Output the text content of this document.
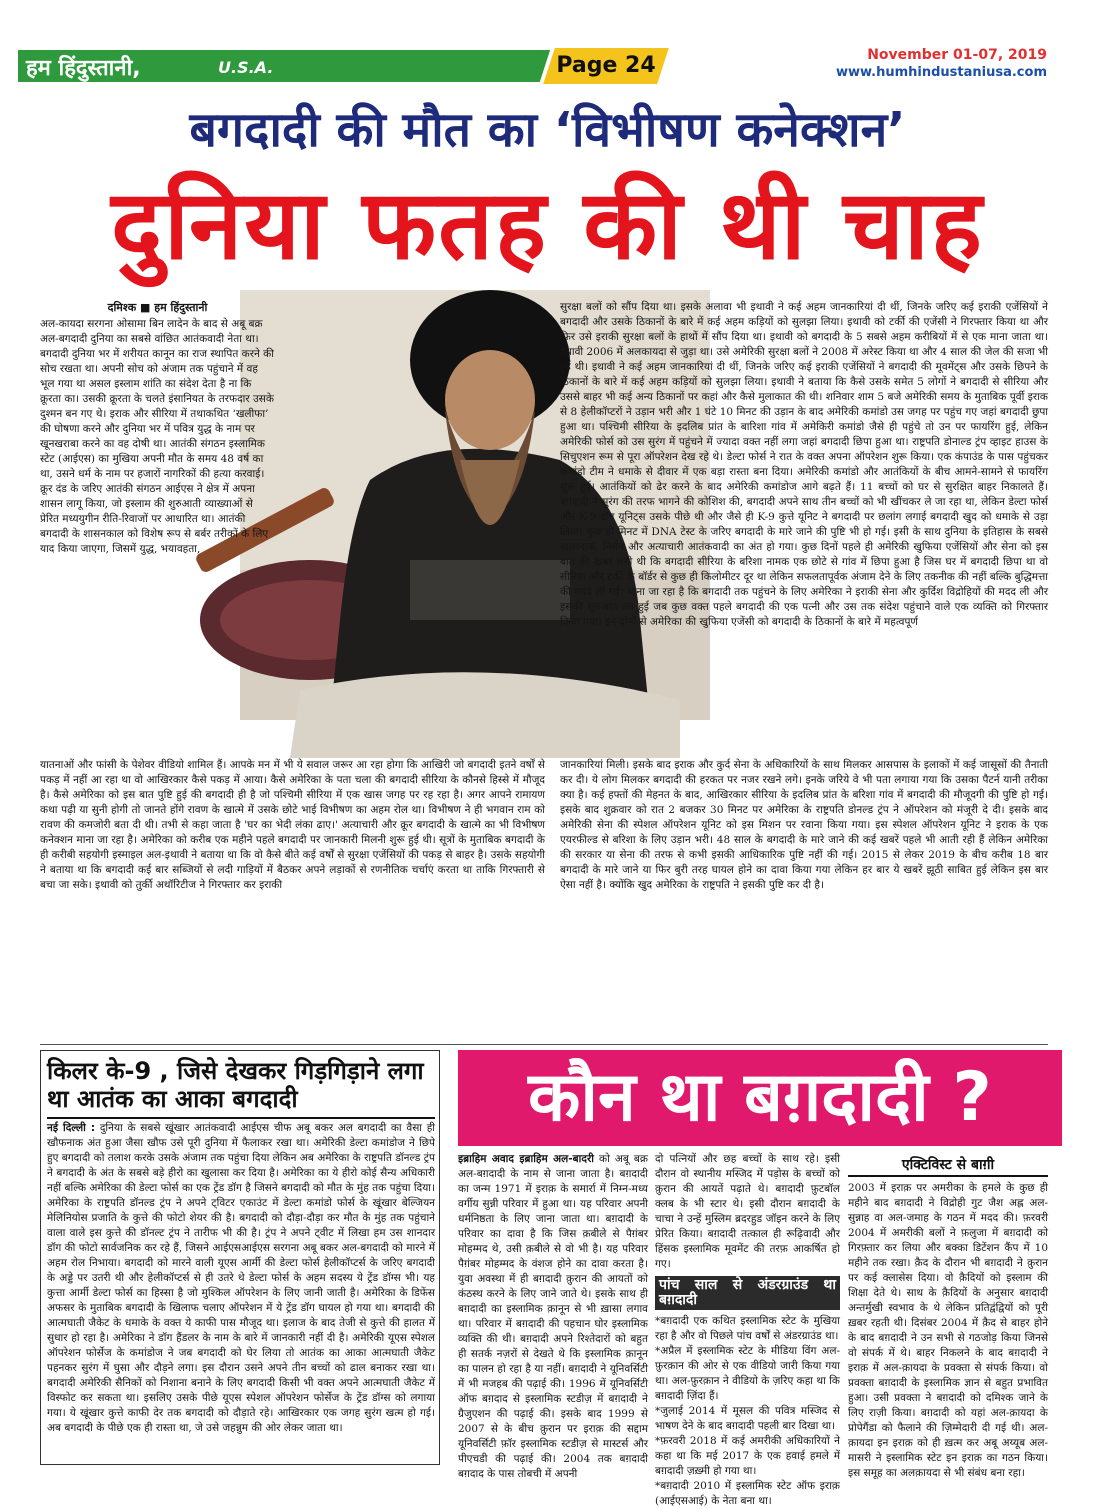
हम हिंदुस्तानी,	U.S.A.	Page 24	November 01-07, 2019
www.humhindustaniusa.com
बगदादी की मौत का ‘विभीषण कनेक्शन’
दुनिया फतह की थी चाह
दमिश्क ■ हम हिंदुस्तानी
अल-कायदा सरगना ओसामा बिन लादेन के बाद से अबू बक्र अल-बगदादी दुनिया का सबसे वांछित आतंकवादी नेता था। बगदादी दुनिया भर में शरीयत कानून का राज स्थापित करने की सोच रखता था। अपनी सोच को अंजाम तक पहुंचाने में वह भूल गया था असल इस्लाम शांति का संदेश देता है ना कि क्रूरता का। उसकी क्रूरता के चलते इंसानियत के तरफदार उसके दुश्मन बन गए थे। इराक और सीरिया में तथाकथित ‘खलीफा’ की घोषणा करने और दुनिया भर में पवित्र युद्ध के नाम पर खूनखराबा करने का वह दोषी था। आतंकी संगठन इस्लामिक स्टेट (आईएस) का मुखिया अपनी मौत के समय 48 वर्ष का था, उसने धर्म के नाम पर हजारों नागरिकों की हत्या करवाई। क्रूर दंड के जरिए आतंकी संगठन आईएस ने क्षेत्र में अपना शासन लागू किया, जो इस्लाम की शुरुआती व्याख्याओं से प्रेरित मध्ययुगीन रीति-रिवाजों पर आधारित था। आतंकी बगदादी के शासनकाल को विशेष रूप से बर्बर तरीकों के लिए याद किया जाएगा, जिसमें युद्ध, भयावहता,
सुरक्षा बलों को सौंप दिया था। इसके अलावा भी इथावी ने कई अहम जानकारियां दी थीं, जिनके जरिए कई इराकी एजेंसियों ने बगदादी और उसके ठिकानों के बारे में कई अहम कड़ियों को सुलझा लिया। इथावी को टर्की की एजेंसी ने गिरफ्तार किया था और फिर उसे इराकी सुरक्षा बलों के हाथों में सौंप दिया था। इथावी को बगदादी के 5 सबसे अहम करीबियों में से एक माना जाता था। इथावी 2006 में अलकायदा से जुड़ा था। उसे अमेरिकी सुरक्षा बलों ने 2008 में अरेस्ट किया था और 4 साल की जेल की सजा भी हुई थी। इथावी ने कई अहम जानकारियां दी थीं, जिनके जरिए कई इराकी एजेंसियों ने बगदादी की मूवमेंट्स और उसके छिपने के ठिकानों के बारे में कई अहम कड़ियों को सुलझा लिया। इथावी ने बताया कि कैसे उसके समेत 5 लोगों ने बगदादी से सीरिया और उससे बाहर भी कई अन्य ठिकानों पर कहां और कैसे मुलाकात की थी। शनिवार शाम 5 बजे अमेरिकी समय के मुताबिक पूर्वी इराक से 8 हेलीकॉप्टरों ने उड़ान भरी और 1 घंटे 10 मिनट की उड़ान के बाद अमेरिकी कमांडो उस जगह पर पहुंच गए जहां बगदादी छुपा हुआ था। पश्चिमी सीरिया के इदलिब प्रांत के बारिशा गांव में अमेकिरी कमांडो जैसे ही पहुंचे तो उन पर फायरिंग हुई, लेकिन अमेरिकी फोर्स को उस सुरंग में पहुंचने में ज्यादा वक्त नहीं लगा जहां बगदादी छिपा हुआ था। राष्ट्रपति डोनाल्ड ट्रंप व्हाइट हाउस के सिचुएशन रूम से पूरा ऑपरेशन देख रहे थे। डेल्टा फोर्स ने रात के वक्त अपना ऑपरेशन शुरू किया। एक कंपाउंड के पास पहुंचकर कमांडो टीम ने धमाके से दीवार में एक बड़ा रास्ता बना दिया। अमेरिकी कमांडो और आतंकियों के बीच आमने-सामने से फायरिंग शुरू हुई। आतंकियों को ढेर करने के बाद अमेरिकी कमांडोज आगे बढ़ते हैं। 11 बच्चों को घर से सुरक्षित बाहर निकालते हैं। बगदादी ने सुरंग की तरफ भागने की कोशिश की, बगदादी अपने साथ तीन बच्चों को भी खींचकर ले जा रहा था, लेकिन डेल्टा फोर्स और K-9 डॉग यूनिट्स उसके पीछे थी और जैसे ही K-9 कुत्ते यूनिट ने बगदादी पर छलांग लगाई बगदादी खुद को धमाके से उड़ा लिया। कुछ ही मिनट में DNA टेस्ट के जरिए बगदादी के मारे जाने की पुष्टि भी हो गई। इसी के साथ दुनिया के इतिहास के सबसे खतरनाक, निर्मम और अत्याचारी आतंकवादी का अंत हो गया। कुछ दिनों पहले ही अमेरिकी खुफिया एजेंसियों और सेना को इस बात की खबर लगी थी कि बगदादी सीरिया के बरिशा नामक एक छोटे से गांव में छिपा हुआ है जिस घर में बगदादी छिपा था वो सीरिया और टर्की के बॉर्डर से कुछ ही किलोमीटर दूर था लेकिन सफलतापूर्वक अंजाम देने के लिए तकनीक की नहीं बल्कि बुद्धिमत्ता की मदद ली गई। माना जा रहा है कि बगदादी तक पहुंचने के लिए अमेरिका ने इराकी सेना और कुर्दिश विद्रोहियों की मदद ली और इसकी शुरुआत तब हुई जब कुछ वक्त पहले बगदादी की एक पत्नी और उस तक संदेश पहुंचाने वाले एक व्यक्ति को गिरफ्तार किया गया। इन दोनों से अमेरिका की खुफिया एजेंसी को बगदादी के ठिकानों के बारे में महत्वपूर्ण
यातनाओं और फांसी के पेशेवर वीडियो शामिल हैं। आपके मन में भी ये सवाल जरूर आ रहा होगा कि आखिरी जो बगदादी इतने वर्षों से पकड़ में नहीं आ रहा था वो आखिरकार कैसे पकड़ में आया। कैसे अमेरिका के पता चला की बगदादी सीरिया के कौनसे हिस्से में मौजूद है। कैसे अमेरिका को इस बात पुष्टि हुई की बगदादी ही है जो पश्चिमी सीरिया में एक खास जगह पर रह रहा है। अगर आपने रामायण कथा पढ़ी या सुनी होगी तो जानते होंगे रावण के खात्मे में उसके छोटे भाई विभीषण का अहम रोल था। विभीषण ने ही भगवान राम को रावण की कमजोरी बता दी थी। तभी से कहा जाता है 'घर का भेदी लंका ढाए।' अत्याचारी और क्रूर बगदादी के खात्मे का भी विभीषण कनेक्शन माना जा रहा है। अमेरिका को करीब एक महीने पहले बगदादी पर जानकारी मिलनी शुरू हुई थी। सूत्रों के मुताबिक बगदादी के ही करीबी सहयोगी इस्माइल अल-इथावी ने बताया था कि वो कैसे बीते कई वर्षों से सुरक्षा एजेंसियों की पकड़ से बाहर है। उसके सहयोगी ने बताया था कि बगदादी कई बार सब्जियों से लदी गाड़ियों में बैठकर अपने लड़ाकों से रणनीतिक चर्चाएं करता था ताकि गिरफ्तारी से बचा जा सके। इथावी को तुर्की अथॉरिटीज ने गिरफ्तार कर इराकी
जानकारियां मिली। इसके बाद इराक और कुर्द सेना के अधिकारियों के साथ मिलकर आसपास के इलाकों में कई जासूसों की तैनाती कर दी। ये लोग मिलकर बगदादी की हरकत पर नजर रखने लगे। इनके जरिये वे भी पता लगाया गया कि उसका पैटर्न यानी तरीका क्या है। कई हफ्तों की मेहनत के बाद, आखिरकार सीरिया के इदलिब प्रांत के बरिशा गांव में बगदादी की मौजूदगी की पुष्टि हो गई। इसके बाद शुक्रवार को रात 2 बजकर 30 मिनट पर अमेरिका के राष्ट्रपति डोनल्ड ट्रंप ने ऑपरेशन को मंजूरी दे दी। इसके बाद अमेरिकी सेना की स्पेशल ऑपरेशन यूनिट को इस मिशन पर रवाना किया गया। इस स्पेशल ऑपरेशन यूनिट ने इराक के एक एयरफील्ड से बरिशा के लिए उड़ान भरी। 48 साल के बगदादी के मारे जाने की कई खबरें पहले भी आती रही हैं लेकिन अमेरिका की सरकार या सेना की तरफ से कभी इसकी आधिकारिक पुष्टि नहीं की गई। 2015 से लेकर 2019 के बीच करीब 18 बार बगदादी के मारे जाने या फिर बुरी तरह घायल होने का दावा किया गया लेकिन हर बार ये खबरें झूठी साबित हुई लेकिन इस बार ऐसा नहीं है। क्योंकि खुद अमेरिका के राष्ट्रपति ने इसकी पुष्टि कर दी है।
किलर के-9 , जिसे देखकर गिड़गिड़ाने लगा था आतंक का आका बगदादी
नई दिल्ली : दुनिया के सबसे खूंखार आतंकवादी आईएस चीफ अबू बकर अल बगदादी का वैसा ही खौफनाक अंत हुआ जैसा खौफ उसे पूरी दुनिया में फैलाकर रखा था। अमेरिकी डेल्टा कमांडोज ने छिपे हुए बगदादी को तलाश करके उसके अंजाम तक पहुंचा दिया लेकिन अब अमेरिका के राष्ट्रपति डॉनल्ड ट्रंप ने बगदादी के अंत के सबसे बड़े हीरो का खुलासा कर दिया है। अमेरिका का ये हीरो कोई सैन्य अधिकारी नहीं बल्कि अमेरिका की डेल्टा फोर्स का एक ट्रेंड डॉग है जिसने बगदादी को मौत के मुंह तक पहुंचा दिया। अमेरिका के राष्ट्रपति डॉनल्ड ट्रंप ने अपने ट्विटर एकाउंट में डेल्टा कमांडो फोर्स के खूंखार बेल्जियन मेलिनियोस प्रजाति के कुत्ते की फोटो शेयर की है। बगदादी को दौड़ा-दौड़ा कर मौत के मुंह तक पहुंचाने वाला वाले इस कुत्ते की डॉनल्ट ट्रंप ने तारीफ भी की है। ट्रंप ने अपने ट्वीट में लिखा हम उस शानदार डॉग की फोटो सार्वजनिक कर रहे हैं, जिसने आईएसआईएस सरगना अबू बकर अल-बगदादी को मारने में अहम रोल निभाया। बगदादी को मारने वाली यूएस आर्मी की डेल्टा फोर्स हेलीकॉप्टर्स के जरिए बगदादी के अड्डे पर उतरी थी और हेलीकॉप्टर्स से ही उतरे थे डेल्टा फोर्स के अहम सदस्य ये ट्रेंड डॉग्स भी। यह कुत्ता आर्मी डेल्टा फोर्स का हिस्सा है जो मुश्किल ऑपरेशन के लिए जानी जाती है। अमेरिका के डिफेंस अफसर के मुताबिक बगदादी के खिलाफ चलाए ऑपरेशन में ये ट्रेंड डॉग घायल हो गया था। बगदादी की आत्मघाती जैकेट के धमाके के वक्त ये काफी पास मौजूद था। इलाज के बाद तेजी से कुत्ते की हालत में सुधार हो रहा है। अमेरिका ने डॉग हैंडलर के नाम के बारे में जानकारी नहीं दी है। अमेरिकी यूएस स्पेशल ऑपरेशन फोर्सेज के कमांडोज ने जब बगदादी को घेर लिया तो आतंक का आका आत्मघाती जैकेट पहनकर सुरंग में घुसा और दौड़ने लगा। इस दौरान उसने अपने तीन बच्चों को ढाल बनाकर रखा था। बगदादी अमेरिकी सैनिकों को निशाना बनाने के लिए बगदादी किसी भी वक्त अपने आत्मघाती जैकेट में विस्फोट कर सकता था। इसलिए उसके पीछे यूएस स्पेशल ऑपरेशन फोर्सेज के ट्रेंड डॉग्स को लगाया गया। ये खूंखार कुत्ते काफी देर तक बगदादी को दौड़ाते रहे। आखिरकार एक जगह सुरंग खत्म हो गई। अब बगदादी के पीछे एक ही रास्ता था, जे उसे जहन्नुम की ओर लेकर जाता था।
कौन था बग़दादी ?
इब्राहिम अवाद इब्राहिम अल-बादरी को अबू बक्र अल-बग़दादी के नाम से जाना जाता है। बग़दादी का जन्म 1971 में इराक़ के समार्रा में निम्न-मध्य वर्गीय सुन्नी परिवार में हुआ था। यह परिवार अपनी धर्मनिष्ठता के लिए जाना जाता था। बग़दादी के परिवार का दावा है कि जिस क़बीले से पैग़ंबर मोहम्मद थे, उसी क़बीले से वो भी है। यह परिवार पैग़ंबर मोहम्मद के वंशज होने का दावा करता है। युवा अवस्था में ही बग़दादी क़ुरान की आयतों को कंठस्थ करने के लिए जाने जाते थे। इसके साथ ही बग़दादी का इस्लामिक क़ानून से भी ख़ासा लगाव था। परिवार में बग़दादी की पहचान घोर इस्लामिक व्यक्ति की थी। बग़दादी अपने रिश्तेदारों को बहुत ही सतर्क नज़रों से देखते थे कि इस्लामिक क़ानून का पालन हो रहा है या नहीं। बग़दादी ने यूनिवर्सिटी में भी मजहब की पढ़ाई की। 1996 में यूनिवर्सिटी ऑफ बग़दाद से इस्लामिक स्टडीज़ में बग़दादी ने ग्रैजुएशन की पढ़ाई की। इसके बाद 1999 से 2007 से के बीच क़ुरान पर इराक़ की सद्दाम यूनिवर्सिटी फ़ॉर इस्लामिक स्टडीज़ से मास्टर्स और पीएचडी की पढ़ाई की। 2004 तक बग़दादी बग़दाद के पास तोबची में अपनी
दो पत्नियों और छह बच्चों के साथ रहे। इसी दौरान वो स्थानीय मस्जिद में पड़ोस के बच्चों को क़ुरान की आयतें पढ़ाते थे। बग़दादी फ़ुटबॉल क्लब के भी स्टार थे। इसी दौरान बग़दादी के चाचा ने उन्हें मुस्लिम ब्रदरहुड जॉइन करने के लिए प्रेरित किया। बग़दादी तत्काल ही रूढ़िवादी और हिंसक इस्लामिक मूवमेंट की तरफ़ आकर्षित हो गए।
पांच साल से अंडरग्राउंड था बग़दादी
*बग़दादी एक कथित इस्लामिक स्टेट के मुखिया रहा है और वो पिछले पांच वर्षों से अंडरग्राउंड था।
*अप्रैल में इस्लामिक स्टेट के मीडिया विंग अल-फ़ुरक़ान की ओर से एक वीडियो जारी किया गया था। अल-फ़ुरक़ान ने वीडियो के ज़रिए कहा था कि बग़दादी ज़िंदा हैं।
*जुलाई 2014 में मूसल की पवित्र मस्जिद से भाषण देने के बाद बग़दादी पहली बार दिखा था।
*फ़रवरी 2018 में कई अमरीकी अधिकारियों ने कहा था कि मई 2017 के एक हवाई हमले में बग़दादी ज़ख़्मी हो गया था।
*बग़दादी 2010 में इस्लामिक स्टेट ऑफ इराक़ (आईएसआई) के नेता बना था।
एक्टिविस्ट से बाग़ी
2003 में इराक़ पर अमरीका के हमले के कुछ ही महीने बाद बग़दादी ने विद्रोही गुट जैश अह्ल अल-सुन्नाह वा अल-जमाह के गठन में मदद की। फ़रवरी 2004 में अमरीकी बलों ने फ़लुजा में बग़दादी को गिरफ़्तार कर लिया और बक्का डिटेंशन कैंप में 10 महीने तक रखा। क़ैद के दौरान भी बग़दादी ने क़ुरान पर कई क्लासेस दिया। वो क़ैदियों को इस्लाम की शिक्षा देते थे। साथ के क़ैदियों के अनुसार बग़दादी अन्तर्मुखी स्वभाव के थे लेकिन प्रतिद्वंद्वियों को पूरी ख़बर रहती थी। दिसंबर 2004 में क़ैद से बाहर होने के बाद बग़दादी ने उन सभी से गठजोड़ किया जिनसे वो संपर्क में थे। बाहर निकलने के बाद बग़दादी ने इराक़ में अल-क़ायदा के प्रवक्ता से संपर्क किया। वो प्रवक्ता बग़दादी के इस्लामिक ज्ञान से बहुत प्रभावित हुआ। उसी प्रवक्ता ने बग़दादी को दमिश्क जाने के लिए राज़ी किया। बग़दादी को यहां अल-क़ायदा के प्रोपेगैंडा को फैलाने की ज़िम्मेदारी दी गई थी। अल-क़ायदा इन इराक़ को ही ख़त्म कर अबू अय्यूब अल-मासरी ने इस्लामिक स्टेट इन इराक़ का गठन किया। इस समूह का अलक़ायदा से भी संबंध बना रहा।
